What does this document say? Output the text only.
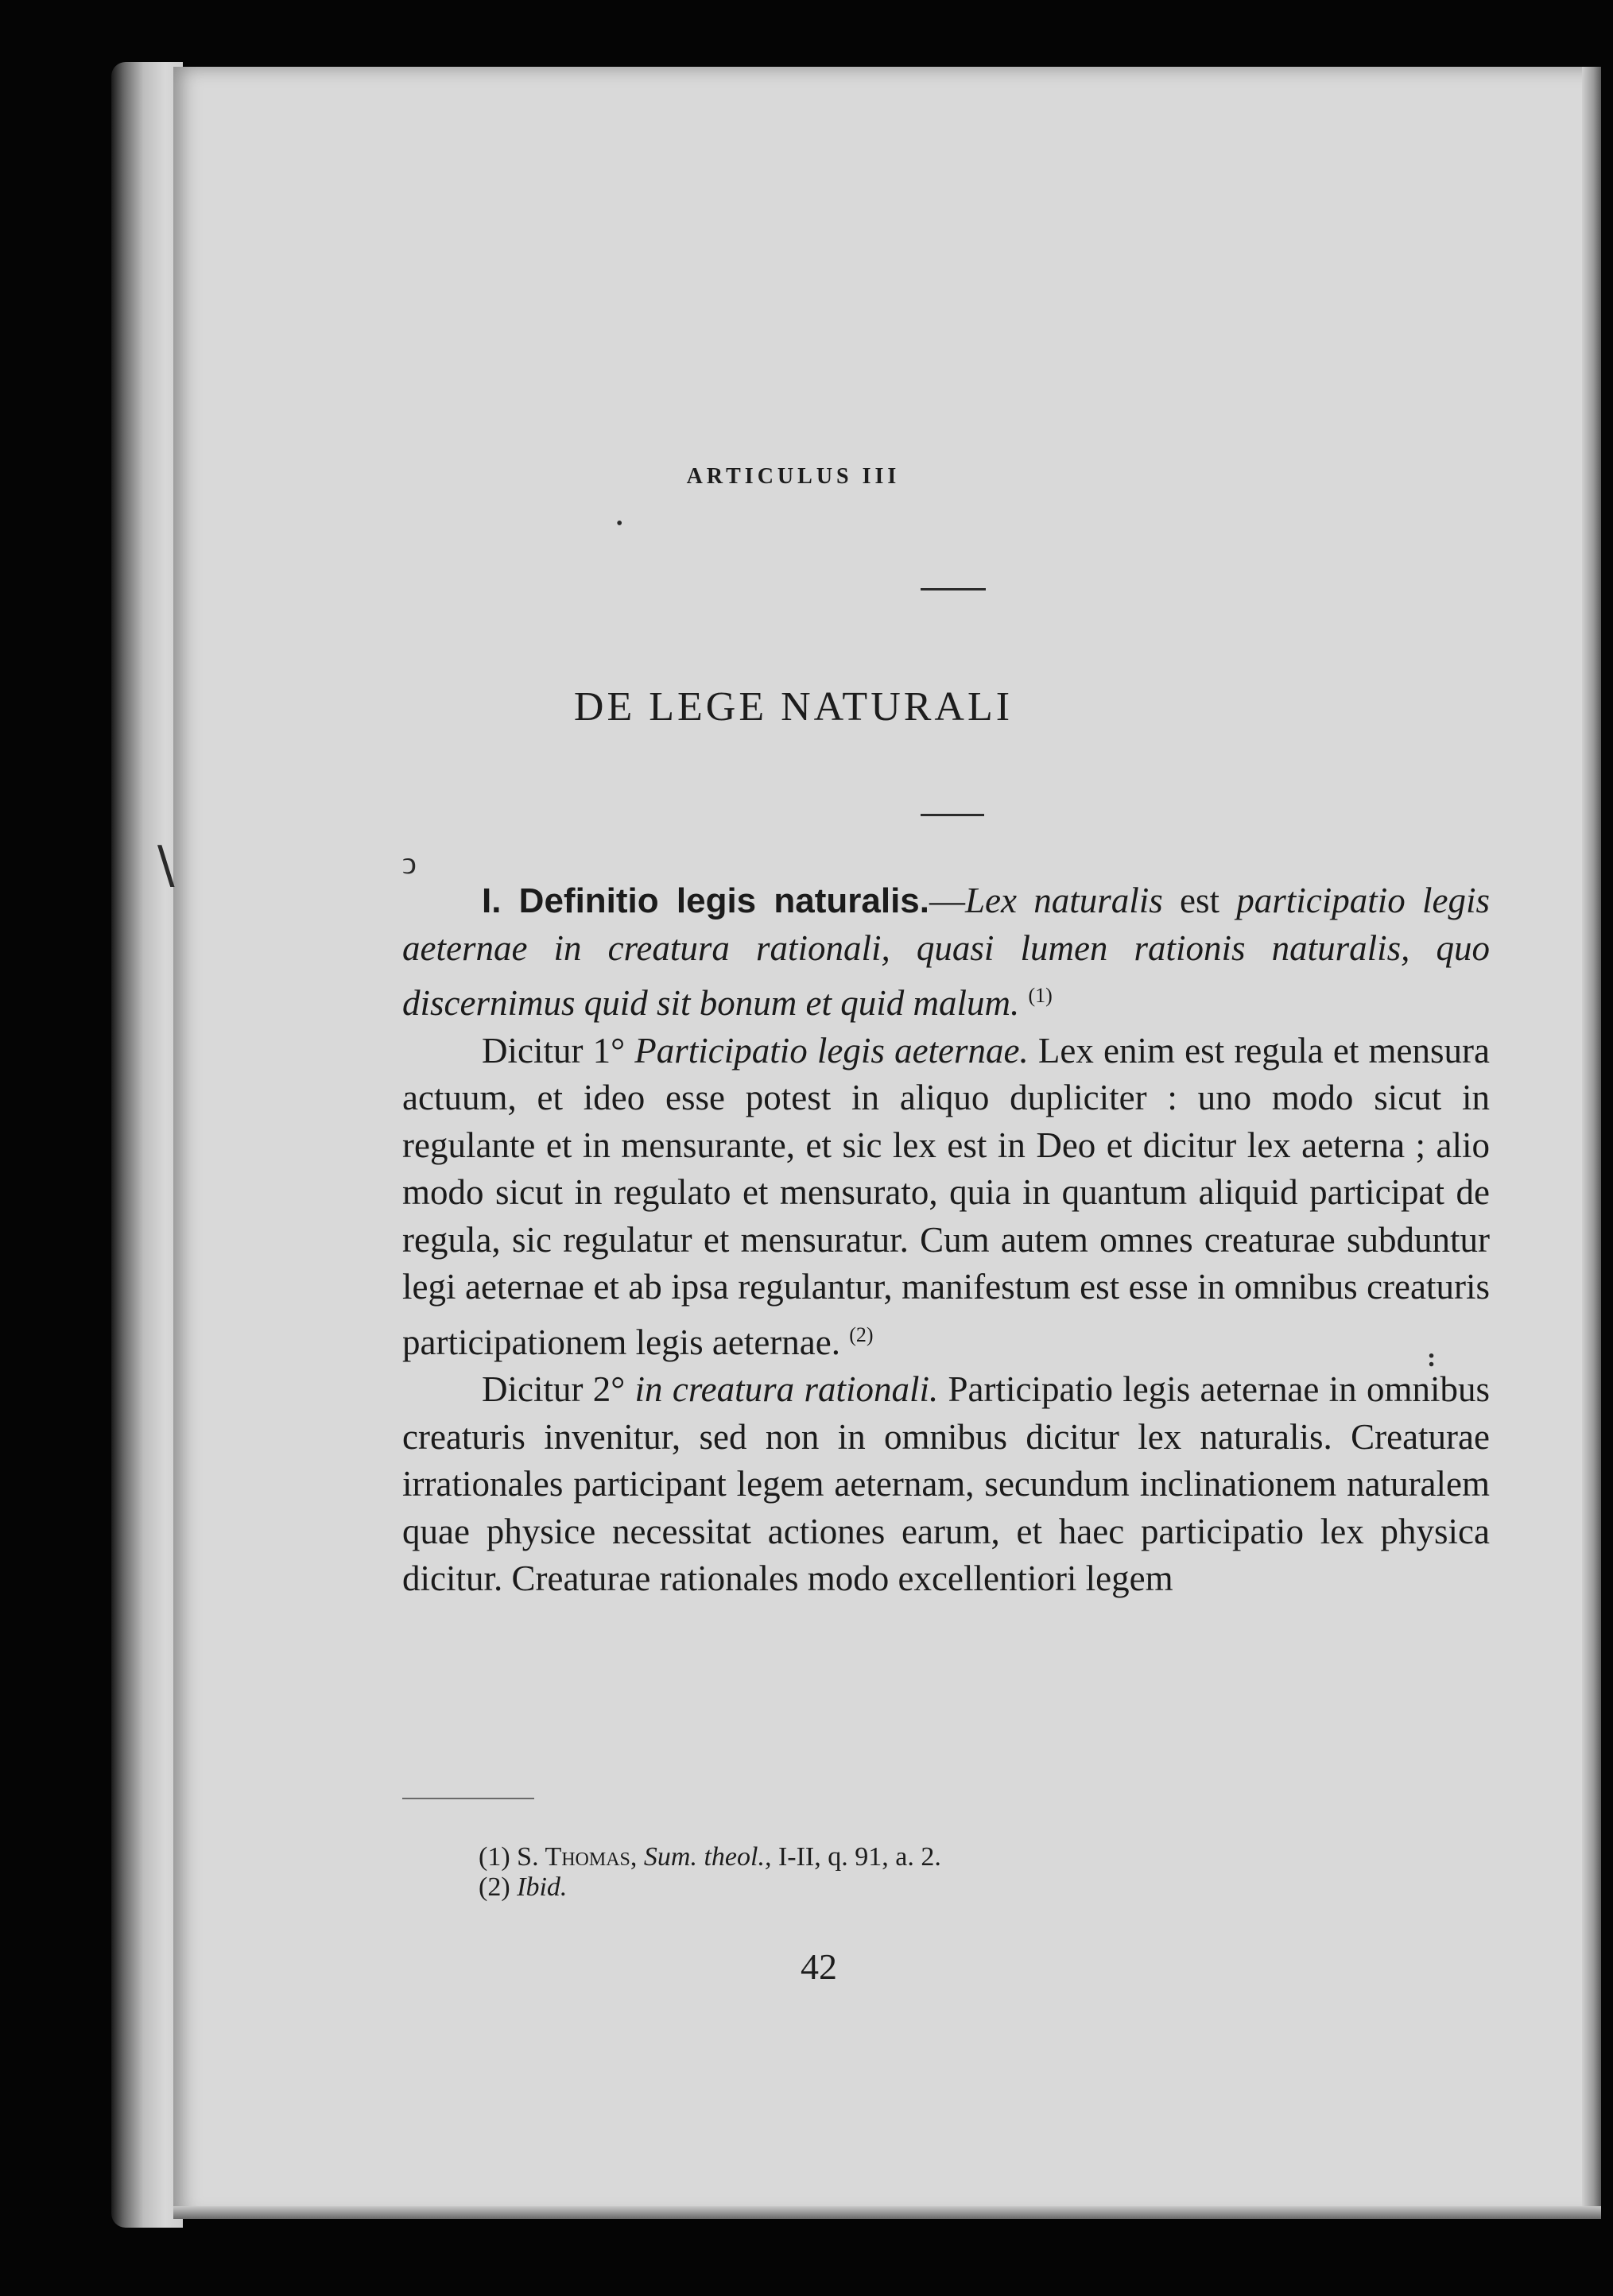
ARTICULUS III
DE LEGE NATURALI
•
ↄ

I. Definitio legis naturalis.—Lex naturalis est participatio legis aeternae in creatura rationali, quasi lumen rationis naturalis, quo discernimus quid sit bonum et quid malum. $^{(1)}$

Dicitur 1° Participatio legis aeternae. Lex enim est regula et mensura actuum, et ideo esse potest in aliquo dupliciter : uno modo sicut in regulante et in mensurante, et sic lex est in Deo et dicitur lex aeterna ; alio modo sicut in regulato et mensurato, quia in quantum aliquid participat de regula, sic regulatur et mensuratur. Cum autem omnes creaturae subduntur legi aeternae et ab ipsa regulantur, manifestum est esse in omnibus creaturis participationem legis aeternae. $^{(2)}$

Dicitur 2° in creatura rationali. Participatio legis aeternae in omnibus creaturis invenitur, sed non in omnibus dicitur lex naturalis. Creaturae irrationales participant legem aeternam, secundum inclinationem naturalem quae physice necessitat actiones earum, et haec participatio lex physica dicitur. Creaturae rationales modo excellentiori legem

(1) S. Thomas, Sum. theol., I-II, q. 91, a. 2.

(2) Ibid.

42
\
:
